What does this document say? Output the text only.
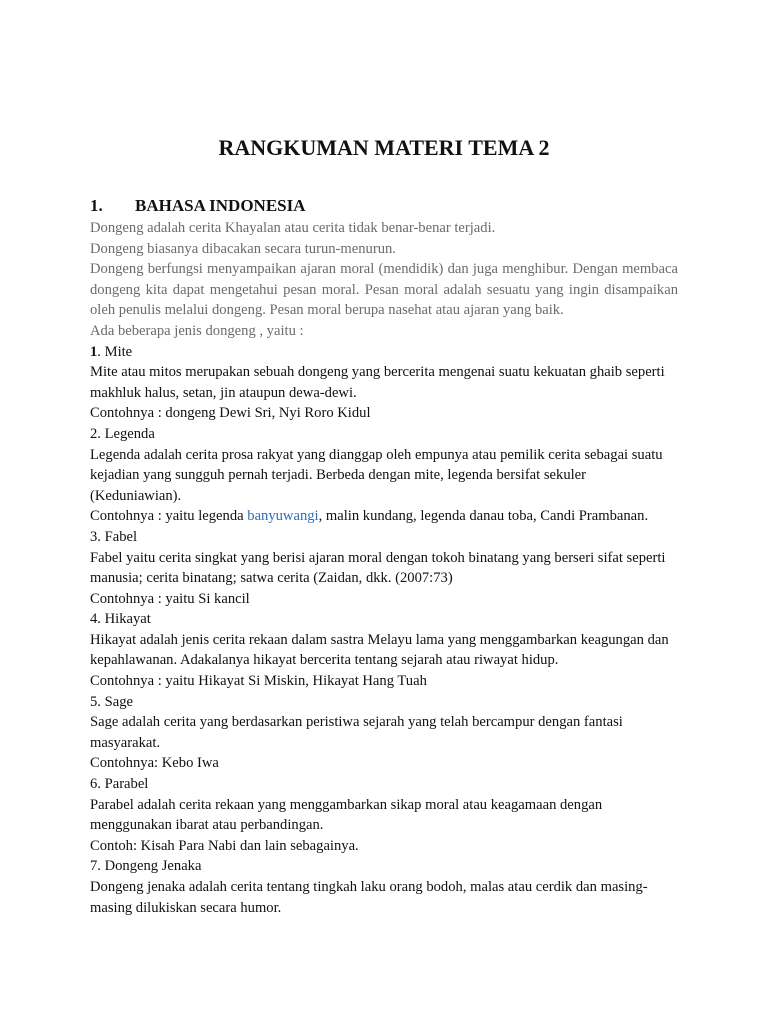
RANGKUMAN MATERI TEMA 2
1. BAHASA INDONESIA

Dongeng adalah cerita Khayalan atau cerita tidak benar-benar terjadi.

Dongeng biasanya dibacakan secara turun-menurun.

Dongeng berfungsi menyampaikan ajaran moral (mendidik) dan juga menghibur. Dengan membaca dongeng kita dapat mengetahui pesan moral. Pesan moral adalah sesuatu yang ingin disampaikan oleh penulis melalui dongeng. Pesan moral berupa nasehat atau ajaran yang baik.

Ada beberapa jenis dongeng , yaitu :

1. Mite

Mite atau mitos merupakan sebuah dongeng yang bercerita mengenai suatu kekuatan ghaib seperti makhluk halus, setan, jin ataupun dewa-dewi.

Contohnya : dongeng Dewi Sri, Nyi Roro Kidul

2. Legenda

Legenda adalah cerita prosa rakyat yang dianggap oleh empunya atau pemilik cerita sebagai suatu kejadian yang sungguh pernah terjadi. Berbeda dengan mite, legenda bersifat sekuler (Keduniawian).

Contohnya : yaitu legenda banyuwangi, malin kundang, legenda danau toba, Candi Prambanan.

3. Fabel

Fabel yaitu cerita singkat yang berisi ajaran moral dengan tokoh binatang yang berseri sifat seperti manusia; cerita binatang; satwa cerita (Zaidan, dkk. (2007:73)

Contohnya : yaitu Si kancil

4. Hikayat

Hikayat adalah jenis cerita rekaan dalam sastra Melayu lama yang menggambarkan keagungan dan kepahlawanan. Adakalanya hikayat bercerita tentang sejarah atau riwayat hidup.

Contohnya : yaitu Hikayat Si Miskin, Hikayat Hang Tuah

5. Sage

Sage adalah cerita yang berdasarkan peristiwa sejarah yang telah bercampur dengan fantasi masyarakat.

Contohnya: Kebo Iwa

6. Parabel

Parabel adalah cerita rekaan yang menggambarkan sikap moral atau keagamaan dengan menggunakan ibarat atau perbandingan.

Contoh: Kisah Para Nabi dan lain sebagainya.

7. Dongeng Jenaka

Dongeng jenaka adalah cerita tentang tingkah laku orang bodoh, malas atau cerdik dan masing-masing dilukiskan secara humor.
